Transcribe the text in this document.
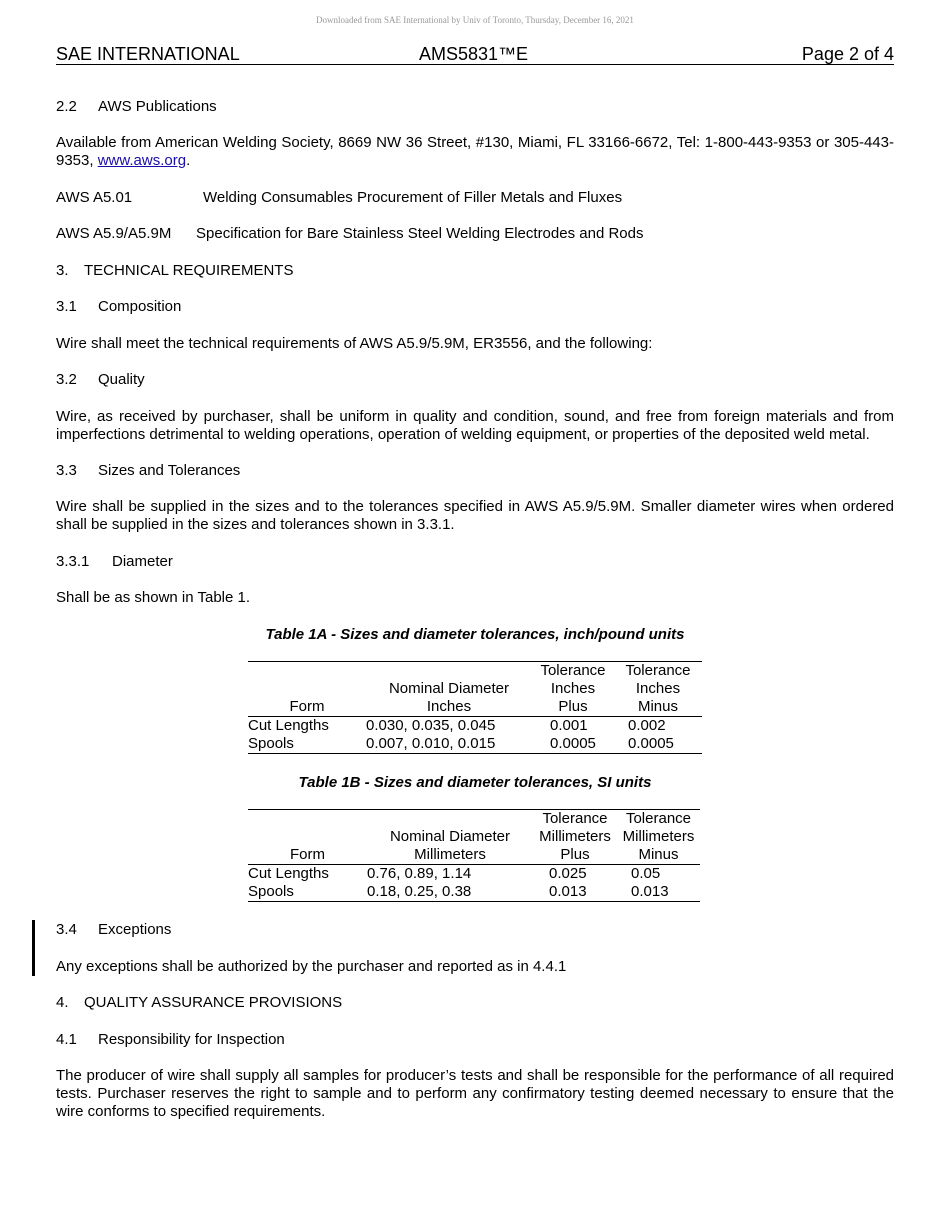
Downloaded from SAE International by Univ of Toronto, Thursday, December 16, 2021
SAE INTERNATIONAL	AMS5831™E	Page 2 of 4
2.2 AWS Publications
Available from American Welding Society, 8669 NW 36 Street, #130, Miami, FL 33166-6672, Tel: 1-800-443-9353 or 305-443-9353, www.aws.org.
AWS A5.01	Welding Consumables Procurement of Filler Metals and Fluxes
AWS A5.9/A5.9M Specification for Bare Stainless Steel Welding Electrodes and Rods
3. TECHNICAL REQUIREMENTS
3.1 Composition
Wire shall meet the technical requirements of AWS A5.9/5.9M, ER3556, and the following:
3.2 Quality
Wire, as received by purchaser, shall be uniform in quality and condition, sound, and free from foreign materials and from imperfections detrimental to welding operations, operation of welding equipment, or properties of the deposited weld metal.
3.3 Sizes and Tolerances
Wire shall be supplied in the sizes and to the tolerances specified in AWS A5.9/5.9M. Smaller diameter wires when ordered shall be supplied in the sizes and tolerances shown in 3.3.1.
3.3.1 Diameter
Shall be as shown in Table 1.
Table 1A - Sizes and diameter tolerances, inch/pound units
		Tolerance	Tolerance
	Nominal Diameter	Inches	Inches
Form	Inches	Plus	Minus
Cut Lengths	0.030, 0.035, 0.045	0.001	0.002
Spools	0.007, 0.010, 0.015	0.0005	0.0005
Table 1B - Sizes and diameter tolerances, SI units
		Tolerance	Tolerance
	Nominal Diameter	Millimeters	Millimeters
Form	Millimeters	Plus	Minus
Cut Lengths	0.76, 0.89, 1.14	0.025	0.05
Spools	0.18, 0.25, 0.38	0.013	0.013
3.4 Exceptions
Any exceptions shall be authorized by the purchaser and reported as in 4.4.1
4. QUALITY ASSURANCE PROVISIONS
4.1 Responsibility for Inspection
The producer of wire shall supply all samples for producer’s tests and shall be responsible for the performance of all required tests. Purchaser reserves the right to sample and to perform any confirmatory testing deemed necessary to ensure that the wire conforms to specified requirements.
